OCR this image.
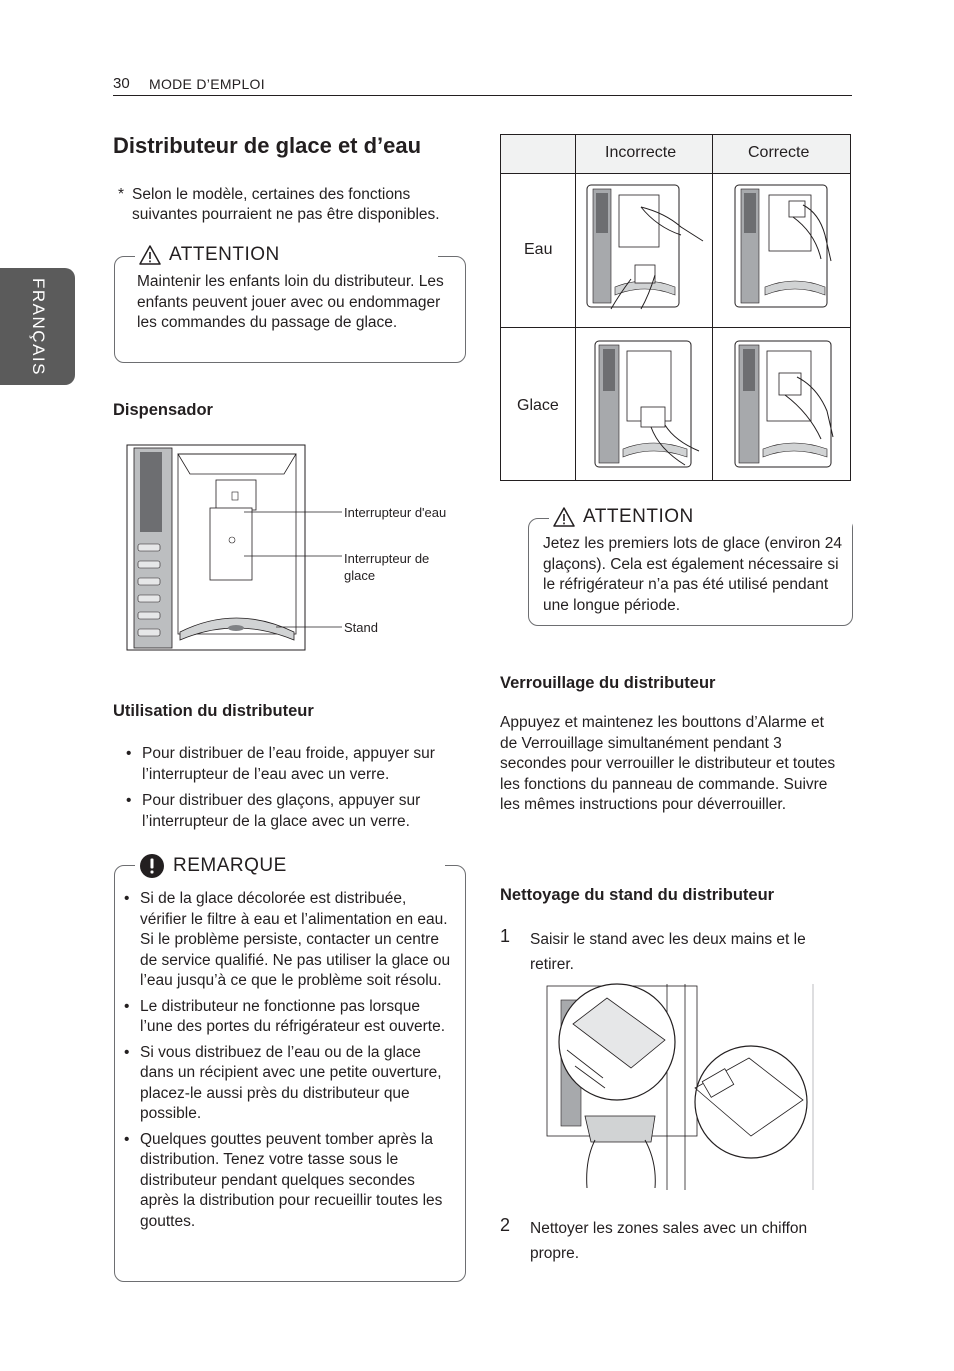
30 MODE D’EMPLOI
FRANÇAIS
Distributeur de glace et d’eau
* Selon le modèle, certaines des fonctions suivantes pourraient ne pas être disponibles.
ATTENTION
Maintenir les enfants loin du distributeur. Les enfants peuvent jouer avec ou endommager les commandes du passage de glace.
Dispensador
Interrupteur d'eau
Interrupteur de glace
Stand
Utilisation du distributeur
• Pour distribuer de l’eau froide, appuyer sur l’interrupteur de l’eau avec un verre.
• Pour distribuer des glaçons, appuyer sur l’interrupteur de la glace avec un verre.
REMARQUE
• Si de la glace décolorée est distribuée, vérifier le filtre à eau et l’alimentation en eau. Si le problème persiste, contacter un centre de service qualifié. Ne pas utiliser la glace ou l’eau jusqu’à ce que le problème soit résolu.
• Le distributeur ne fonctionne pas lorsque l’une des portes du réfrigérateur est ouverte.
• Si vous distribuez de l’eau ou de la glace dans un récipient avec une petite ouverture, placez-le aussi près du distributeur que possible.
• Quelques gouttes peuvent tomber après la distribution. Tenez votre tasse sous le distributeur pendant quelques secondes après la distribution pour recueillir toutes les gouttes.
Incorrecte	Correcte
Eau
Glace
ATTENTION
Jetez les premiers lots de glace (environ 24 glaçons). Cela est également nécessaire si le réfrigérateur n’a pas été utilisé pendant une longue période.
Verrouillage du distributeur
Appuyez et maintenez les bouttons d’Alarme et de Verrouillage simultanément pendant 3 secondes pour verrouiller le distributeur et toutes les fonctions du panneau de commande. Suivre les mêmes instructions pour déverrouiller.
Nettoyage du stand du distributeur
1 Saisir le stand avec les deux mains et le retirer.
2 Nettoyer les zones sales avec un chiffon propre.
